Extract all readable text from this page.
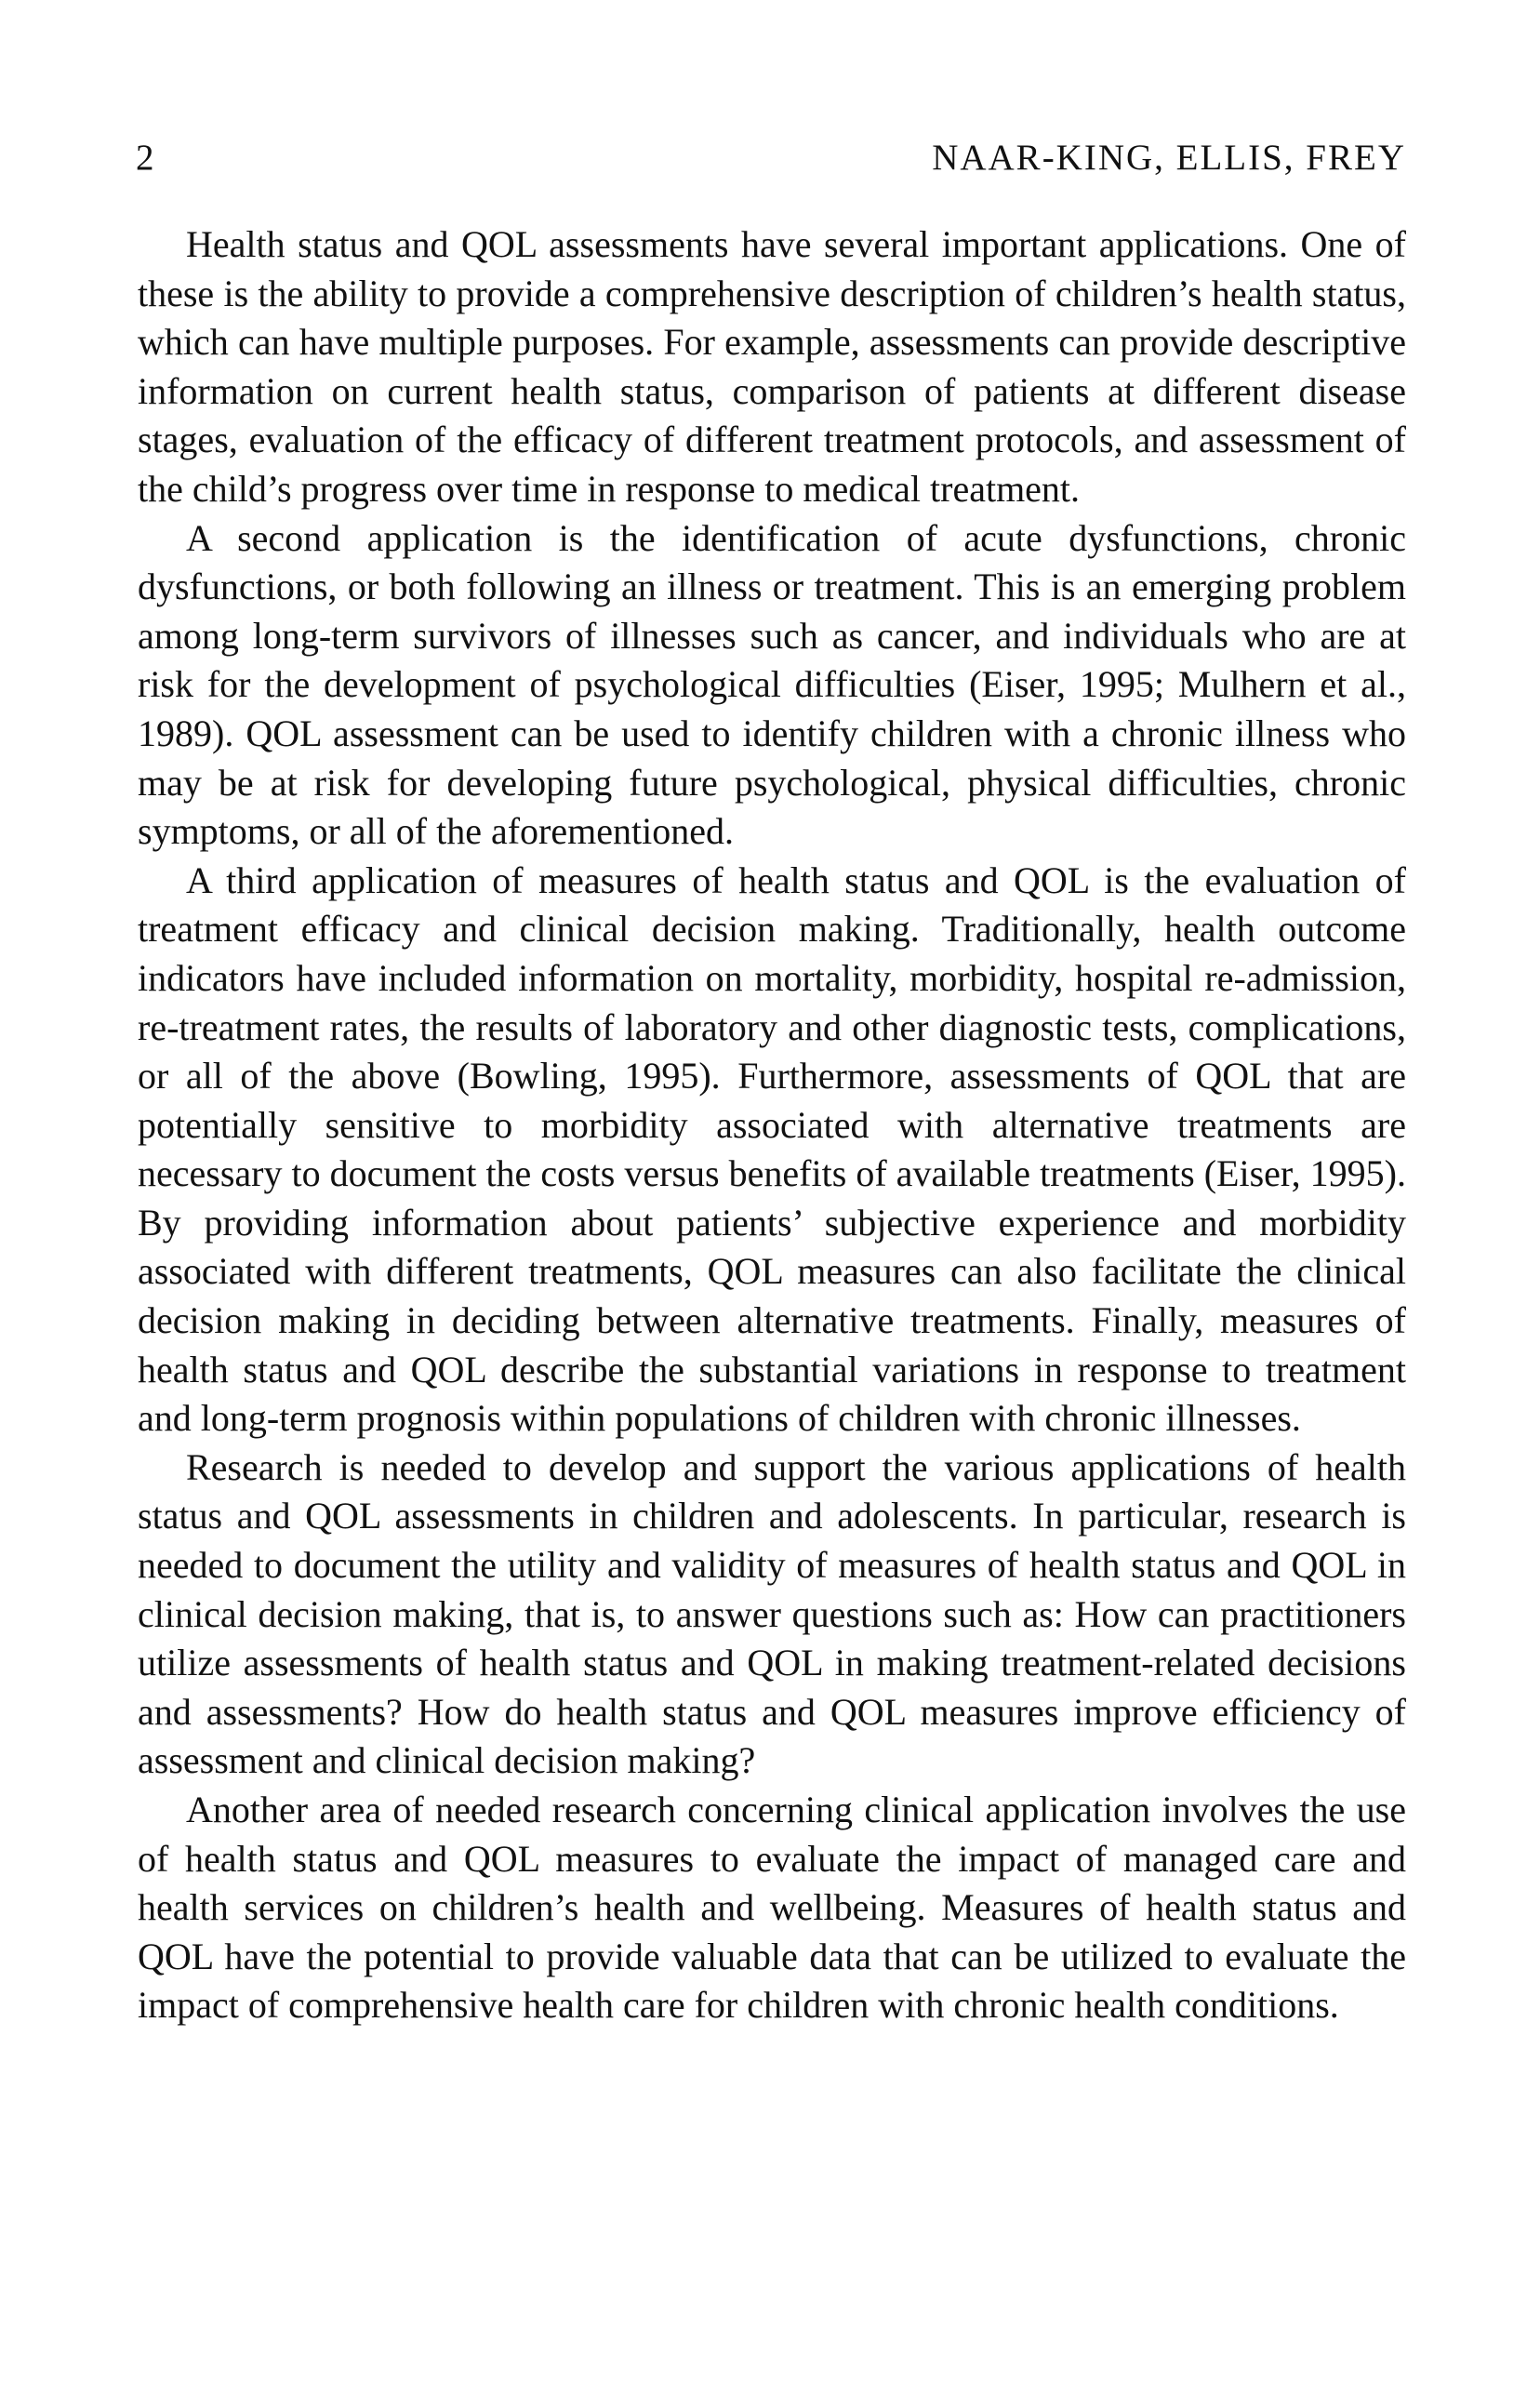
2	NAAR-KING, ELLIS, FREY

Health status and QOL assessments have several important applications. One of these is the ability to provide a comprehensive description of children’s health status, which can have multiple purposes. For example, assessments can provide descriptive information on current health status, comparison of patients at different disease stages, evaluation of the efficacy of different treatment protocols, and assessment of the child’s progress over time in response to medical treatment.

A second application is the identification of acute dysfunctions, chronic dysfunctions, or both following an illness or treatment. This is an emerging problem among long-term survivors of illnesses such as cancer, and individuals who are at risk for the development of psychological difficulties (Eiser, 1995; Mulhern et al., 1989). QOL assessment can be used to identify children with a chronic illness who may be at risk for developing future psychological, physical difficulties, chronic symptoms, or all of the aforementioned.

A third application of measures of health status and QOL is the evaluation of treatment efficacy and clinical decision making. Traditionally, health outcome indicators have included information on mortality, morbidity, hospital re-admission, re-treatment rates, the results of laboratory and other diagnostic tests, complications, or all of the above (Bowling, 1995). Furthermore, assessments of QOL that are potentially sensitive to morbidity associated with alternative treatments are necessary to document the costs versus benefits of available treatments (Eiser, 1995). By providing information about patients’ subjective experience and morbidity associated with different treatments, QOL measures can also facilitate the clinical decision making in deciding between alternative treatments. Finally, measures of health status and QOL describe the substantial variations in response to treatment and long-term prognosis within populations of children with chronic illnesses.

Research is needed to develop and support the various applications of health status and QOL assessments in children and adolescents. In particular, research is needed to document the utility and validity of measures of health status and QOL in clinical decision making, that is, to answer questions such as: How can practitioners utilize assessments of health status and QOL in making treatment-related decisions and assessments? How do health status and QOL measures improve efficiency of assessment and clinical decision making?

Another area of needed research concerning clinical application involves the use of health status and QOL measures to evaluate the impact of managed care and health services on children’s health and wellbeing. Measures of health status and QOL have the potential to provide valuable data that can be utilized to evaluate the impact of comprehensive health care for children with chronic health conditions.
